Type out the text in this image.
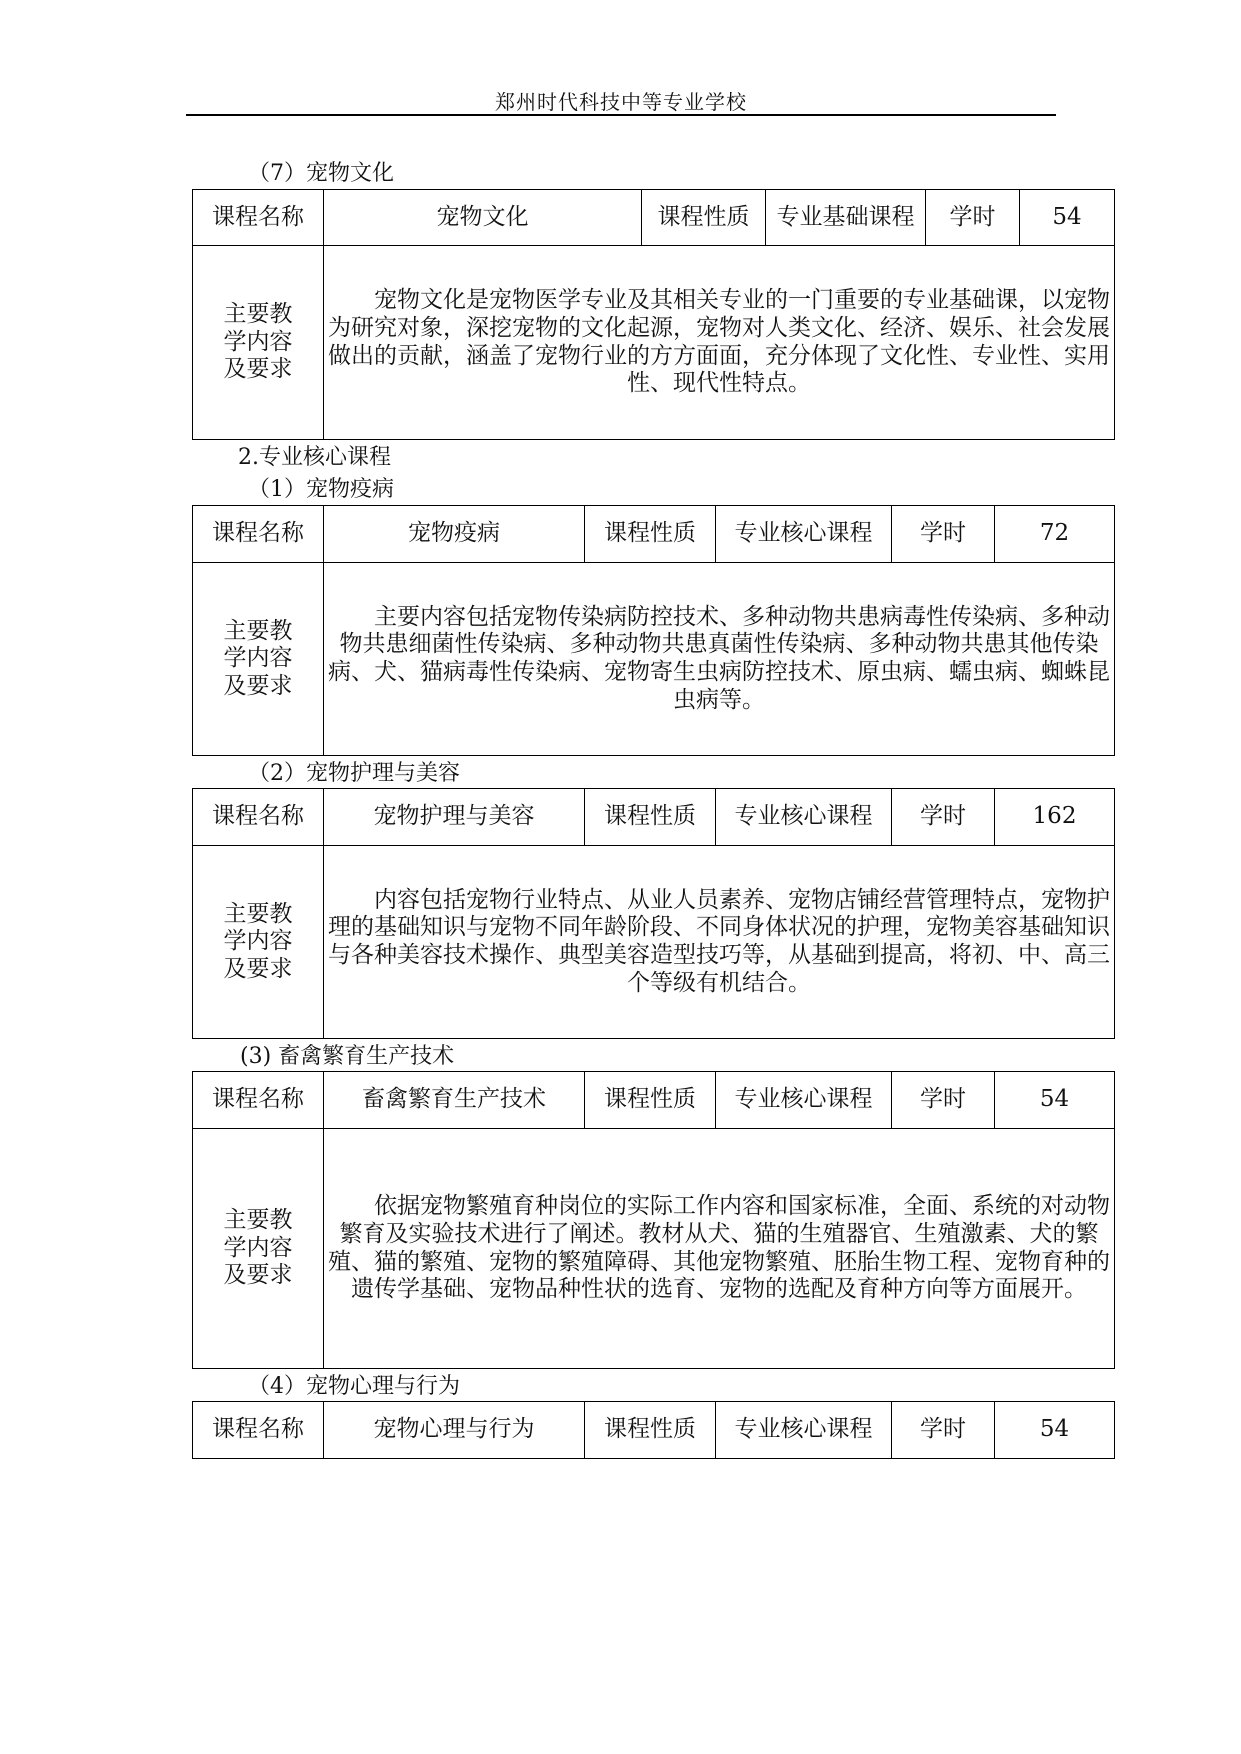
郑州时代科技中等专业学校
（7）宠物文化
课程名称	宠物文化	课程性质	专业基础课程	学时	54
主要教
学内容
及要求	宠物文化是宠物医学专业及其相关专业的一门重要的专业基础课，以宠物为研究对象，深挖宠物的文化起源，宠物对人类文化、经济、娱乐、社会发展做出的贡献，涵盖了宠物行业的方方面面，充分体现了文化性、专业性、实用性、现代性特点。				
2.专业核心课程
（1）宠物疫病
课程名称	宠物疫病	课程性质	专业核心课程	学时	72
主要教
学内容
及要求	主要内容包括宠物传染病防控技术、多种动物共患病毒性传染病、多种动物共患细菌性传染病、多种动物共患真菌性传染病、多种动物共患其他传染病、犬、猫病毒性传染病、宠物寄生虫病防控技术、原虫病、蠕虫病、蜘蛛昆虫病等。				
（2）宠物护理与美容
课程名称	宠物护理与美容	课程性质	专业核心课程	学时	162
主要教
学内容
及要求	内容包括宠物行业特点、从业人员素养、宠物店铺经营管理特点，宠物护理的基础知识与宠物不同年龄阶段、不同身体状况的护理，宠物美容基础知识与各种美容技术操作、典型美容造型技巧等，从基础到提高，将初、中、高三个等级有机结合。				
(3) 畜禽繁育生产技术
课程名称	畜禽繁育生产技术	课程性质	专业核心课程	学时	54
主要教
学内容
及要求	依据宠物繁殖育种岗位的实际工作内容和国家标准，全面、系统的对动物繁育及实验技术进行了阐述。教材从犬、猫的生殖器官、生殖激素、犬的繁殖、猫的繁殖、宠物的繁殖障碍、其他宠物繁殖、胚胎生物工程、宠物育种的遗传学基础、宠物品种性状的选育、宠物的选配及育种方向等方面展开。				
（4）宠物心理与行为
课程名称	宠物心理与行为	课程性质	专业核心课程	学时	54
